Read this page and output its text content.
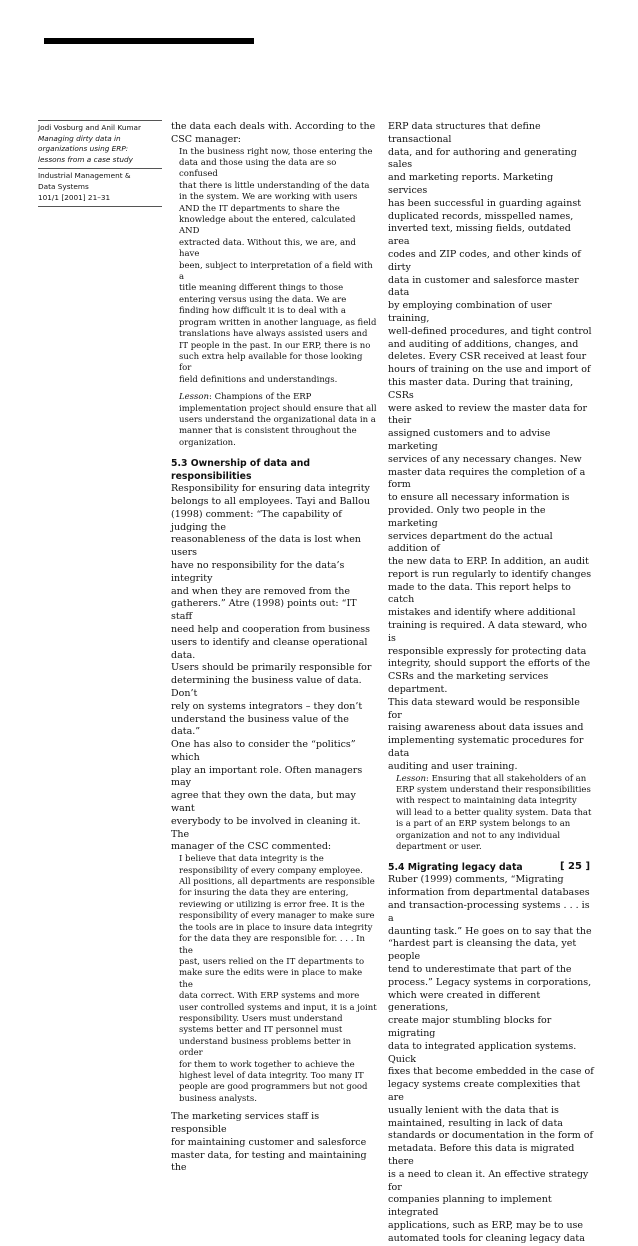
Jodi Vosburg and Anil Kumar
Managing dirty data in
organizations using ERP:
lessons from a case study
Industrial Management &
Data Systems
101/1 [2001] 21–31
the data each deals with. According to the
CSC manager:
In the business right now, those entering the
data and those using the data are so confused
that there is little understanding of the data
in the system. We are working with users
AND the IT departments to share the
knowledge about the entered, calculated AND
extracted data. Without this, we are, and have
been, subject to interpretation of a field with a
title meaning different things to those
entering versus using the data. We are
finding how difficult it is to deal with a
program written in another language, as field
translations have always assisted users and
IT people in the past. In our ERP, there is no
such extra help available for those looking for
field definitions and understandings.
Lesson: Champions of the ERP
implementation project should ensure that all
users understand the organizational data in a
manner that is consistent throughout the
organization.
5.3 Ownership of data and responsibilities
Responsibility for ensuring data integrity
belongs to all employees. Tayi and Ballou
(1998) comment: “The capability of judging the
reasonableness of the data is lost when users
have no responsibility for the data’s integrity
and when they are removed from the
gatherers.” Atre (1998) points out: “IT staff
need help and cooperation from business
users to identify and cleanse operational data.
Users should be primarily responsible for
determining the business value of data. Don’t
rely on systems integrators – they don’t
understand the business value of the data.”
One has also to consider the “politics” which
play an important role. Often managers may
agree that they own the data, but may want
everybody to be involved in cleaning it. The
manager of the CSC commented:
I believe that data integrity is the
responsibility of every company employee.
All positions, all departments are responsible
for insuring the data they are entering,
reviewing or utilizing is error free. It is the
responsibility of every manager to make sure
the tools are in place to insure data integrity
for the data they are responsible for. . . . In the
past, users relied on the IT departments to
make sure the edits were in place to make the
data correct. With ERP systems and more
user controlled systems and input, it is a joint
responsibility. Users must understand
systems better and IT personnel must
understand business problems better in order
for them to work together to achieve the
highest level of data integrity. Too many IT
people are good programmers but not good
business analysts.
The marketing services staff is responsible
for maintaining customer and salesforce
master data, for testing and maintaining the
ERP data structures that define transactional
data, and for authoring and generating sales
and marketing reports. Marketing services
has been successful in guarding against
duplicated records, misspelled names,
inverted text, missing fields, outdated area
codes and ZIP codes, and other kinds of dirty
data in customer and salesforce master data
by employing combination of user training,
well-defined procedures, and tight control
and auditing of additions, changes, and
deletes. Every CSR received at least four
hours of training on the use and import of
this master data. During that training, CSRs
were asked to review the master data for their
assigned customers and to advise marketing
services of any necessary changes. New
master data requires the completion of a form
to ensure all necessary information is
provided. Only two people in the marketing
services department do the actual addition of
the new data to ERP. In addition, an audit
report is run regularly to identify changes
made to the data. This report helps to catch
mistakes and identify where additional
training is required. A data steward, who is
responsible expressly for protecting data
integrity, should support the efforts of the
CSRs and the marketing services department.
This data steward would be responsible for
raising awareness about data issues and
implementing systematic procedures for data
auditing and user training.
Lesson: Ensuring that all stakeholders of an
ERP system understand their responsibilities
with respect to maintaining data integrity
will lead to a better quality system. Data that
is a part of an ERP system belongs to an
organization and not to any individual
department or user.
5.4 Migrating legacy data
Ruber (1999) comments, “Migrating
information from departmental databases
and transaction-processing systems . . . is a
daunting task.” He goes on to say that the
“hardest part is cleansing the data, yet people
tend to underestimate that part of the
process.” Legacy systems in corporations,
which were created in different generations,
create major stumbling blocks for migrating
data to integrated application systems. Quick
fixes that become embedded in the case of
legacy systems create complexities that are
usually lenient with the data that is
maintained, resulting in lack of data
standards or documentation in the form of
metadata. Before this data is migrated there
is a need to clean it. An effective strategy for
companies planning to implement integrated
applications, such as ERP, may be to use
automated tools for cleaning legacy data
[ 25 ]
